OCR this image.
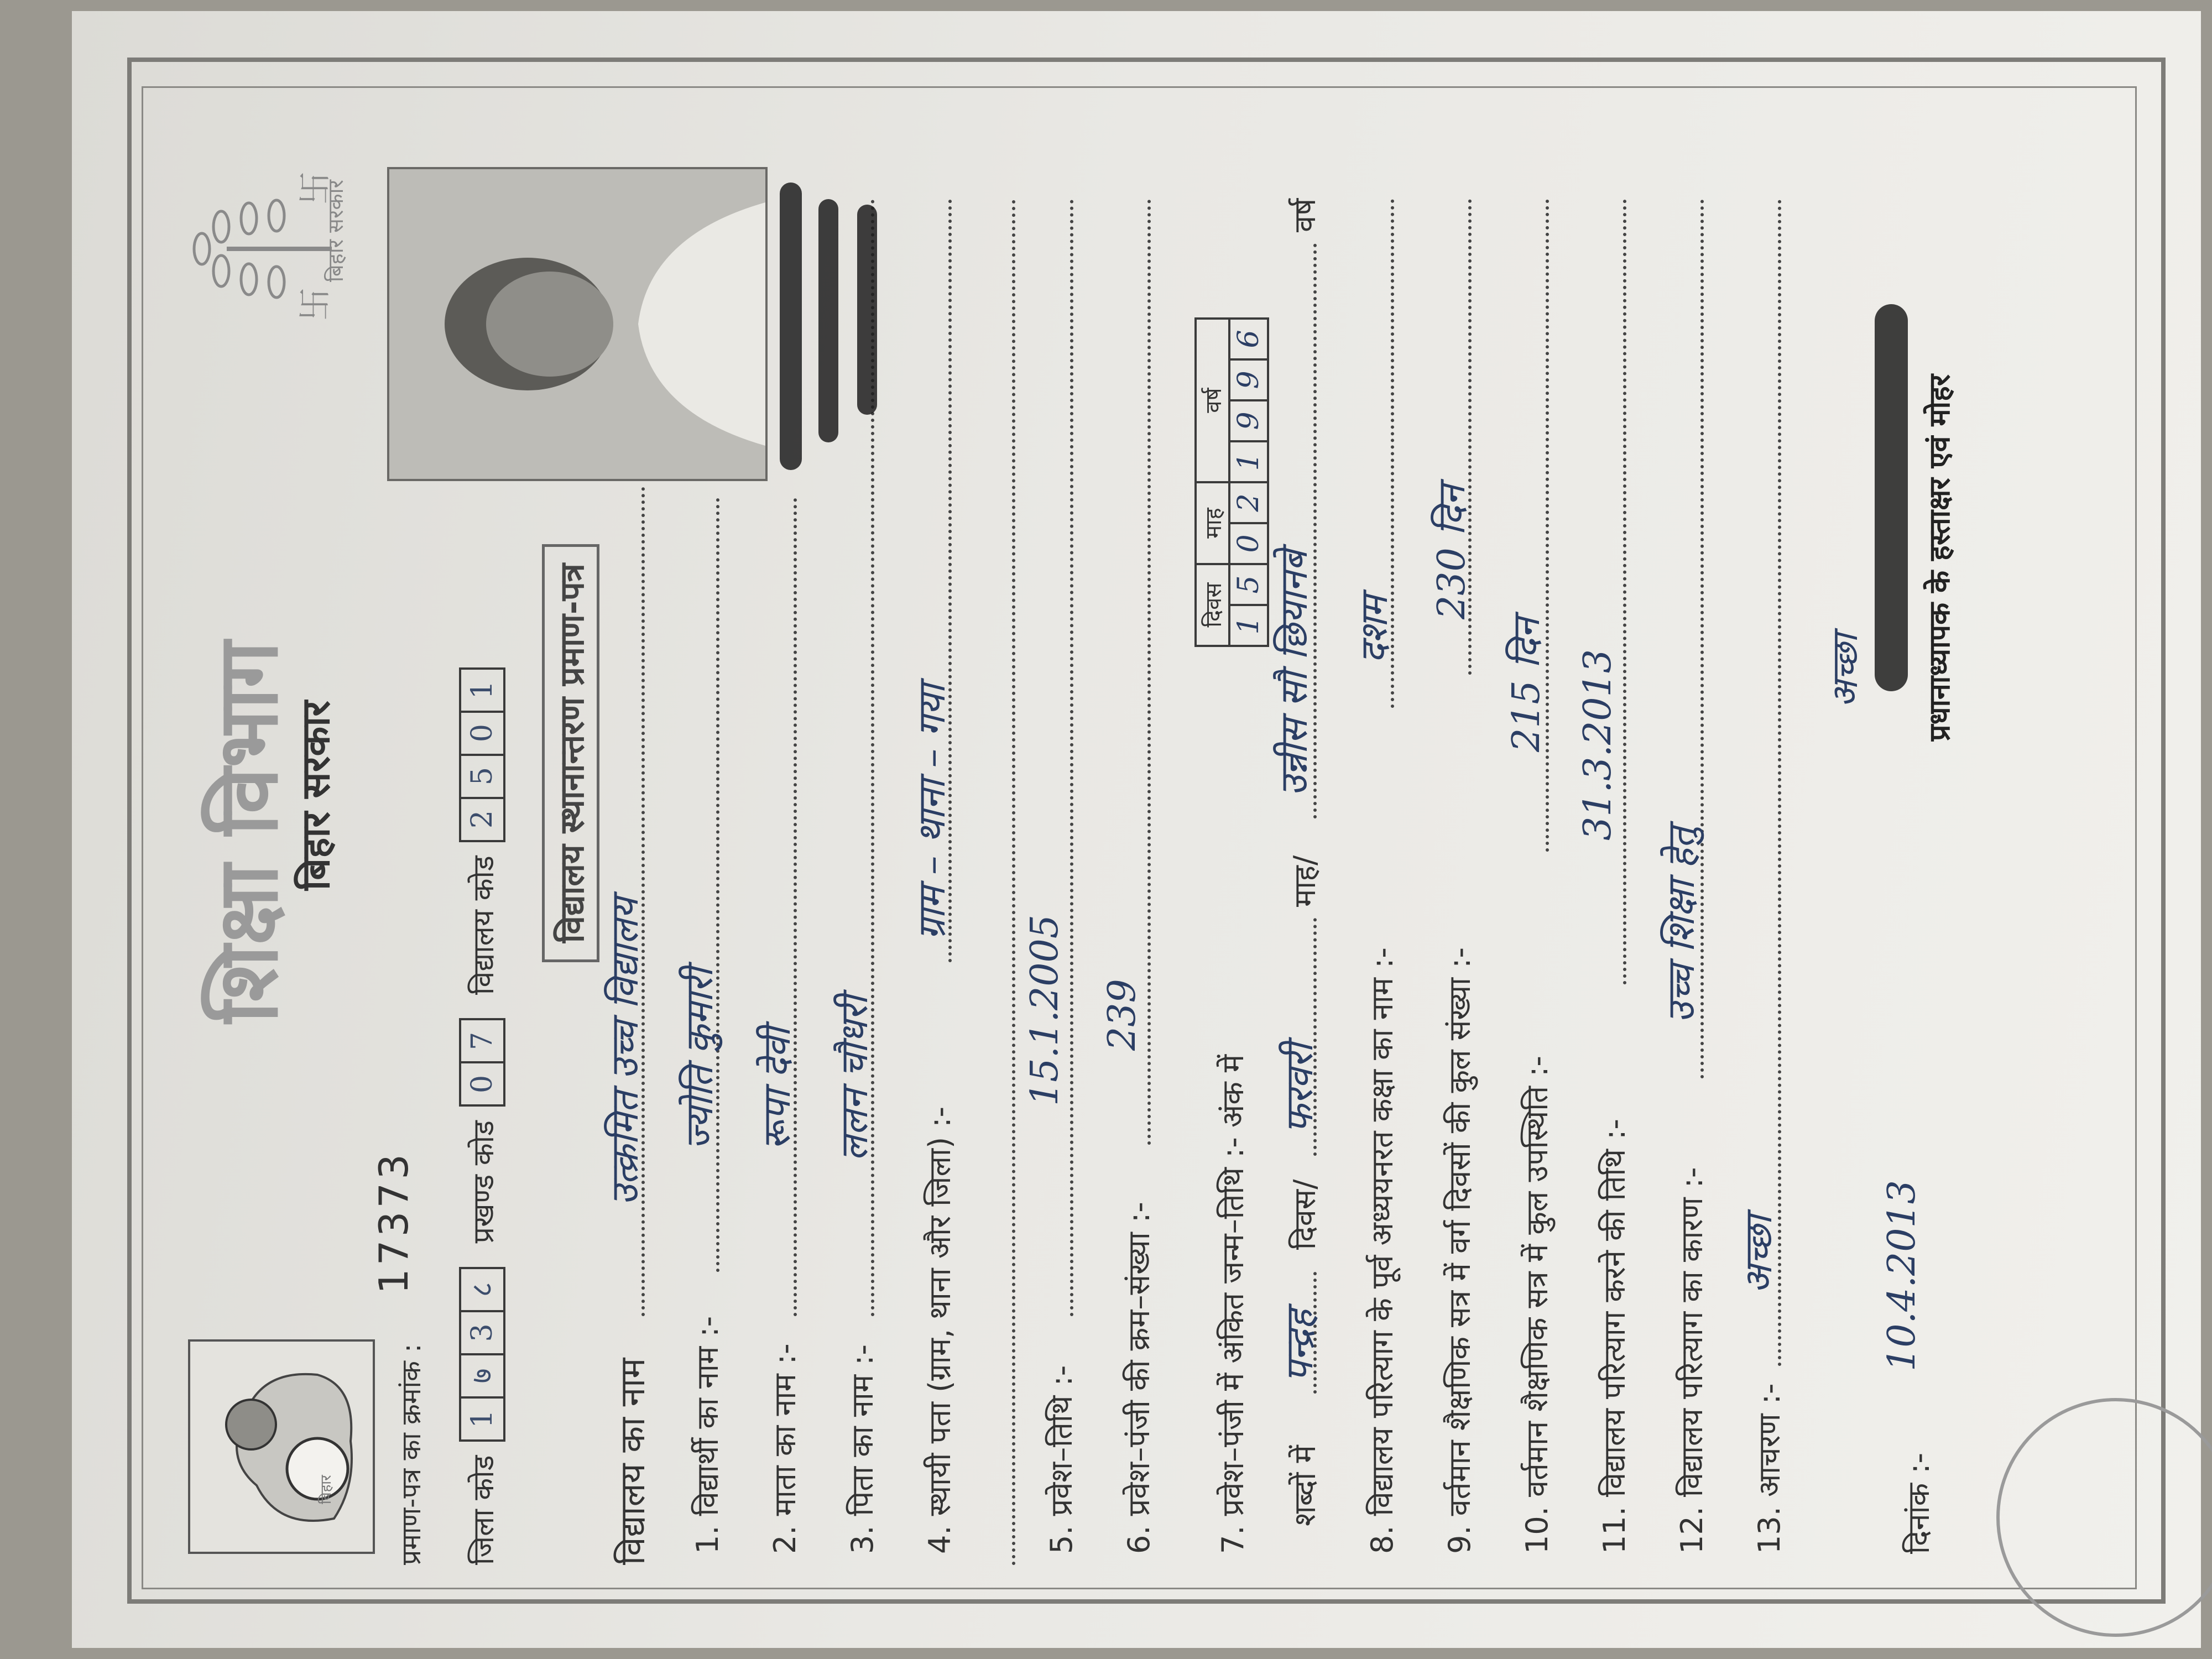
बिहार
शिक्षा विभाग
बिहार सरकार
卐
卐
बिहार सरकार
प्रमाण-पत्र का क्रमांक :
17373
जिला कोड
1
७
3
८
प्रखण्ड कोड
0
7
विद्यालय कोड
2
5
0
1	विद्यालय स्थानान्तरण प्रमाण-पत्र
विद्यालय का नाम
उत्क्रमित उच्च विद्यालय
1. विद्यार्थी का नाम :-
ज्योति कुमारी
2. माता का नाम :-
रूपा देवी
3. पिता का नाम :-
ललन चौधरी
4. स्थायी पता (ग्राम, थाना और जिला) :-
ग्राम – थाना – गया
5. प्रवेश–तिथि :-
15.1.2005
6. प्रवेश–पंजी की क्रम–संख्या :-
239
7. प्रवेश–पंजी में अंकित जन्म–तिथि :- अंक में
दिवस		माह		वर्ष			
1	5	0	2	1	9	9	6
शब्दों में
पन्द्रह
दिवस/
फरवरी
माह/
उन्नीस सौ छियानबे
वर्ष
8. विद्यालय परित्याग के पूर्व अध्ययनरत कक्षा का नाम :-
दशम
9. वर्तमान शैक्षणिक सत्र में वर्ग दिवसों की कुल संख्या :-
230 दिन
10. वर्तमान शैक्षणिक सत्र में कुल उपस्थिति :-
215 दिन
11. विद्यालय परित्याग करने की तिथि :-
31.3.2013
12. विद्यालय परित्याग का कारण :-
उच्च शिक्षा हेतु
13. आचरण :-
अच्छा
दिनांक :-
10.4.2013
अच्छा प्रधानाध्यापक के हस्ताक्षर एवं मोहर
